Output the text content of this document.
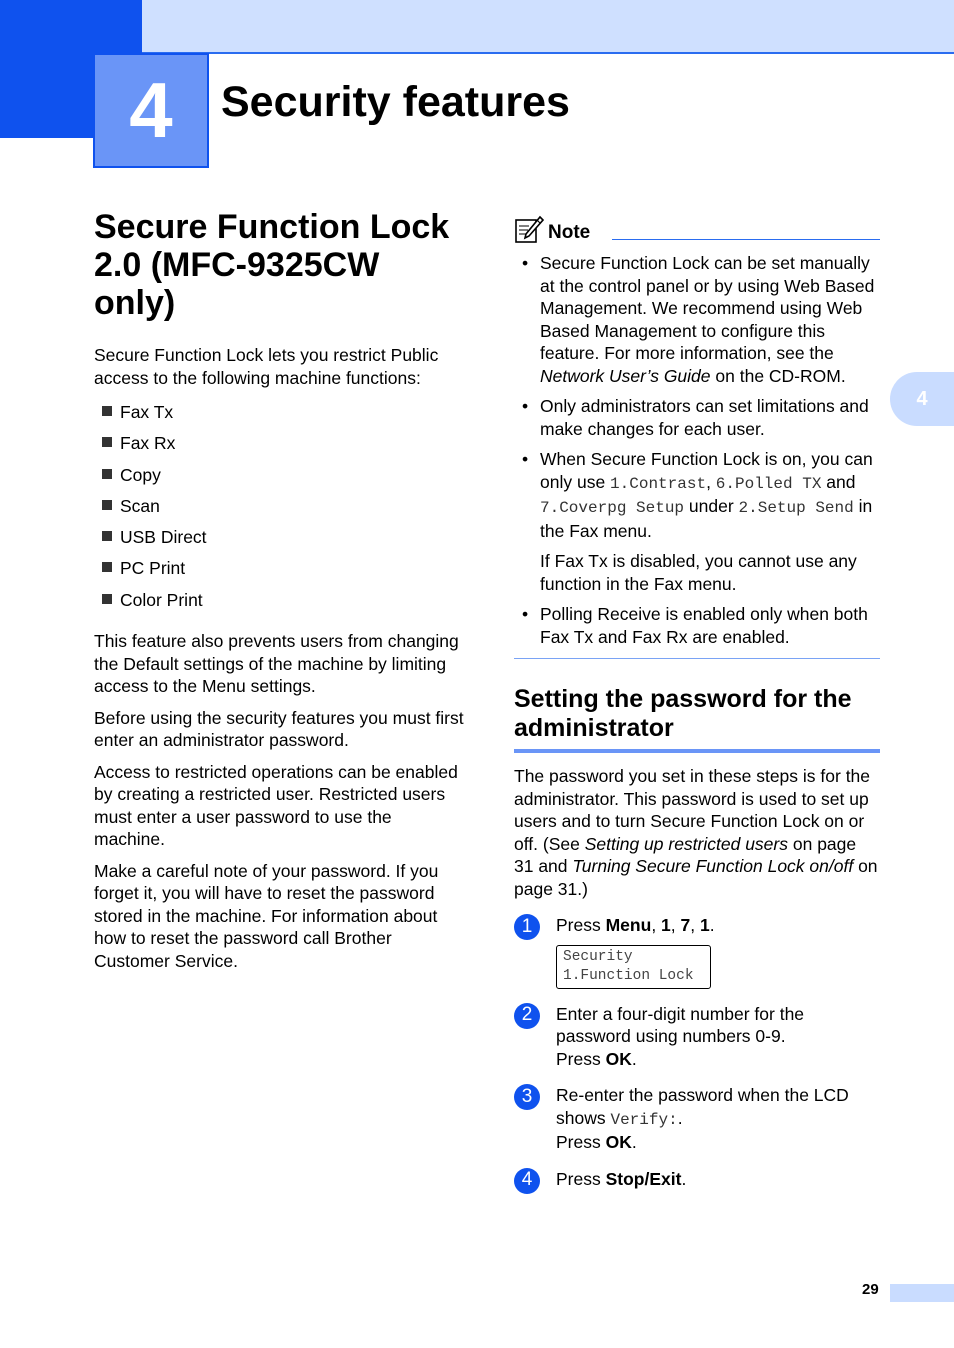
4	Security features
4
Secure Function Lock 2.0 (MFC-9325CW only)

Secure Function Lock lets you restrict Public access to the following machine functions:

Fax Tx
Fax Rx
Copy
Scan
USB Direct
PC Print
Color Print

This feature also prevents users from changing the Default settings of the machine by limiting access to the Menu settings.

Before using the security features you must first enter an administrator password.

Access to restricted operations can be enabled by creating a restricted user. Restricted users must enter a user password to use the machine.

Make a careful note of your password. If you forget it, you will have to reset the password stored in the machine. For information about how to reset the password call Brother Customer Service.

Note
• Secure Function Lock can be set manually at the control panel or by using Web Based Management. We recommend using Web Based Management to configure this feature. For more information, see the Network User’s Guide on the CD-ROM.
• Only administrators can set limitations and make changes for each user.
• When Secure Function Lock is on, you can only use 1.Contrast, 6.Polled TX and 7.Coverpg Setup under 2.Setup Send in the Fax menu.
If Fax Tx is disabled, you cannot use any function in the Fax menu.
• Polling Receive is enabled only when both Fax Tx and Fax Rx are enabled.
Setting the password for the administrator

The password you set in these steps is for the administrator. This password is used to set up users and to turn Secure Function Lock on or off. (See Setting up restricted users on page 31 and Turning Secure Function Lock on/off on page 31.)

1	Press Menu, 1, 7, 1.
Security
1.Function Lock
2	Enter a four-digit number for the password using numbers 0-9.
Press OK.
3	Re-enter the password when the LCD shows Verify:.
Press OK.
4	Press Stop/Exit.
29
